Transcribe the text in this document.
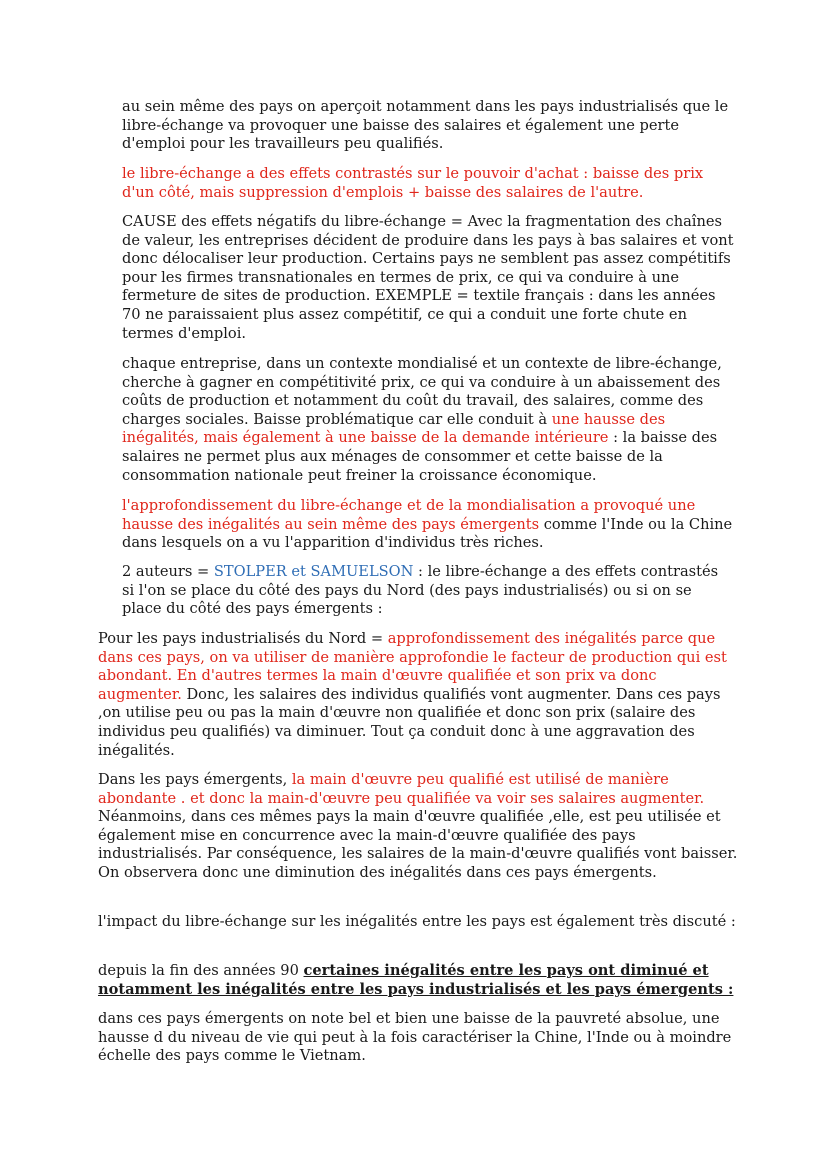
au sein même des pays on aperçoit notamment dans les pays industrialisés que le libre-échange va provoquer une baisse des salaires et également une perte d'emploi pour les travailleurs peu qualifiés.

le libre-échange a des effets contrastés sur le pouvoir d'achat : baisse des prix d'un côté, mais suppression d'emplois + baisse des salaires de l'autre.

CAUSE des effets négatifs du libre-échange = Avec la fragmentation des chaînes de valeur, les entreprises décident de produire dans les pays à bas salaires et vont donc délocaliser leur production. Certains pays ne semblent pas assez compétitifs pour les firmes transnationales en termes de prix, ce qui va conduire à une fermeture de sites de production. EXEMPLE = textile français : dans les années 70 ne paraissaient plus assez compétitif, ce qui a conduit une forte chute en termes d'emploi.

chaque entreprise, dans un contexte mondialisé et un contexte de libre-échange, cherche à gagner en compétitivité prix, ce qui va conduire à un abaissement des coûts de production et notamment du coût du travail, des salaires, comme des charges sociales. Baisse problématique car elle conduit à une hausse des inégalités, mais également à une baisse de la demande intérieure : la baisse des salaires ne permet plus aux ménages de consommer et cette baisse de la consommation nationale peut freiner la croissance économique.

l'approfondissement du libre-échange et de la mondialisation a provoqué une hausse des inégalités au sein même des pays émergents comme l'Inde ou la Chine dans lesquels on a vu l'apparition d'individus très riches.

2 auteurs = STOLPER et SAMUELSON : le libre-échange a des effets contrastés si l'on se place du côté des pays du Nord (des pays industrialisés) ou si on se place du côté des pays émergents :

Pour les pays industrialisés du Nord = approfondissement des inégalités parce que dans ces pays, on va utiliser de manière approfondie le facteur de production qui est abondant. En d'autres termes la main d'œuvre qualifiée et son prix va donc augmenter. Donc, les salaires des individus qualifiés vont augmenter. Dans ces pays ,on utilise peu ou pas la main d'œuvre non qualifiée et donc son prix (salaire des individus peu qualifiés) va diminuer. Tout ça conduit donc à une aggravation des inégalités.

Dans les pays émergents, la main d'œuvre peu qualifié est utilisé de manière abondante . et donc la main-d'œuvre peu qualifiée va voir ses salaires augmenter. Néanmoins, dans ces mêmes pays la main d'œuvre qualifiée ,elle, est peu utilisée et également mise en concurrence avec la main-d'œuvre qualifiée des pays industrialisés. Par conséquence, les salaires de la main-d'œuvre qualifiés vont baisser. On observera donc une diminution des inégalités dans ces pays émergents.

l'impact du libre-échange sur les inégalités entre les pays est également très discuté :

depuis la fin des années 90 certaines inégalités entre les pays ont diminué et notamment les inégalités entre les pays industrialisés et les pays émergents :

dans ces pays émergents on note bel et bien une baisse de la pauvreté absolue, une hausse d du niveau de vie qui peut à la fois caractériser la Chine, l'Inde ou à moindre échelle des pays comme le Vietnam.
